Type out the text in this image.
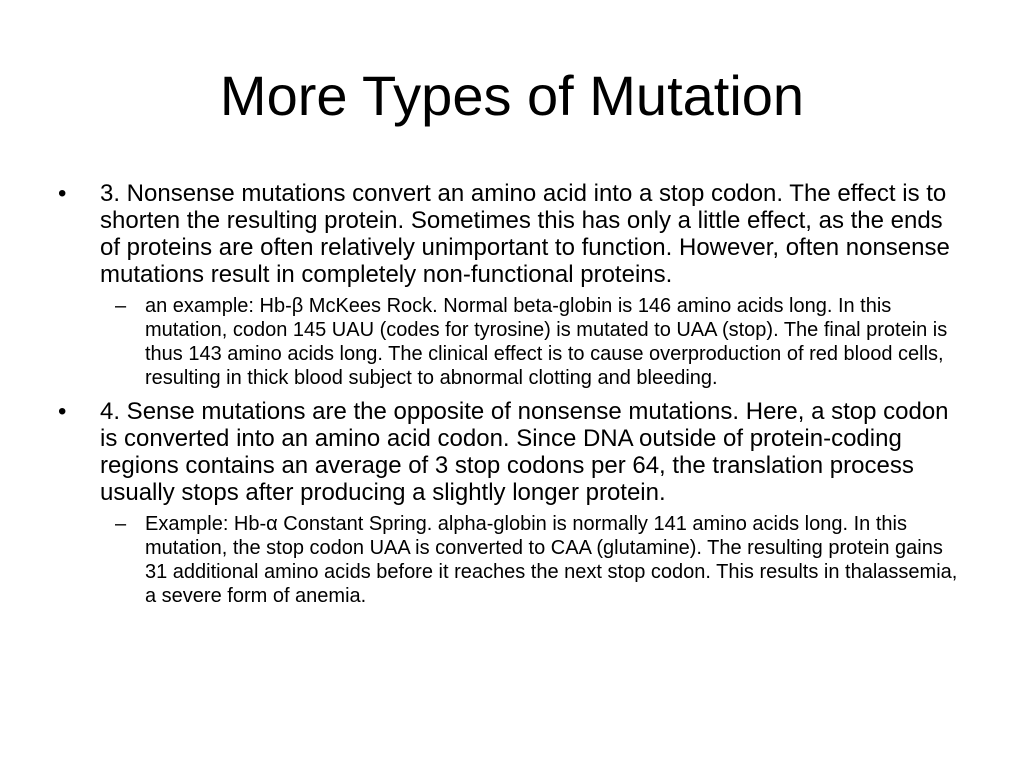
More Types of Mutation
•	3. Nonsense mutations convert an amino acid into a stop codon. The effect is to shorten the resulting protein. Sometimes this has only a little effect, as the ends of proteins are often relatively unimportant to function. However, often nonsense mutations result in completely non-functional proteins.
– an example: Hb-β McKees Rock. Normal beta-globin is 146 amino acids long. In this mutation, codon 145 UAU (codes for tyrosine) is mutated to UAA (stop). The final protein is thus 143 amino acids long. The clinical effect is to cause overproduction of red blood cells, resulting in thick blood subject to abnormal clotting and bleeding.
•	4. Sense mutations are the opposite of nonsense mutations. Here, a stop codon is converted into an amino acid codon. Since DNA outside of protein-coding regions contains an average of 3 stop codons per 64, the translation process usually stops after producing a slightly longer protein.
– Example: Hb-α Constant Spring. alpha-globin is normally 141 amino acids long. In this mutation, the stop codon UAA is converted to CAA (glutamine). The resulting protein gains 31 additional amino acids before it reaches the next stop codon. This results in thalassemia, a severe form of anemia.
